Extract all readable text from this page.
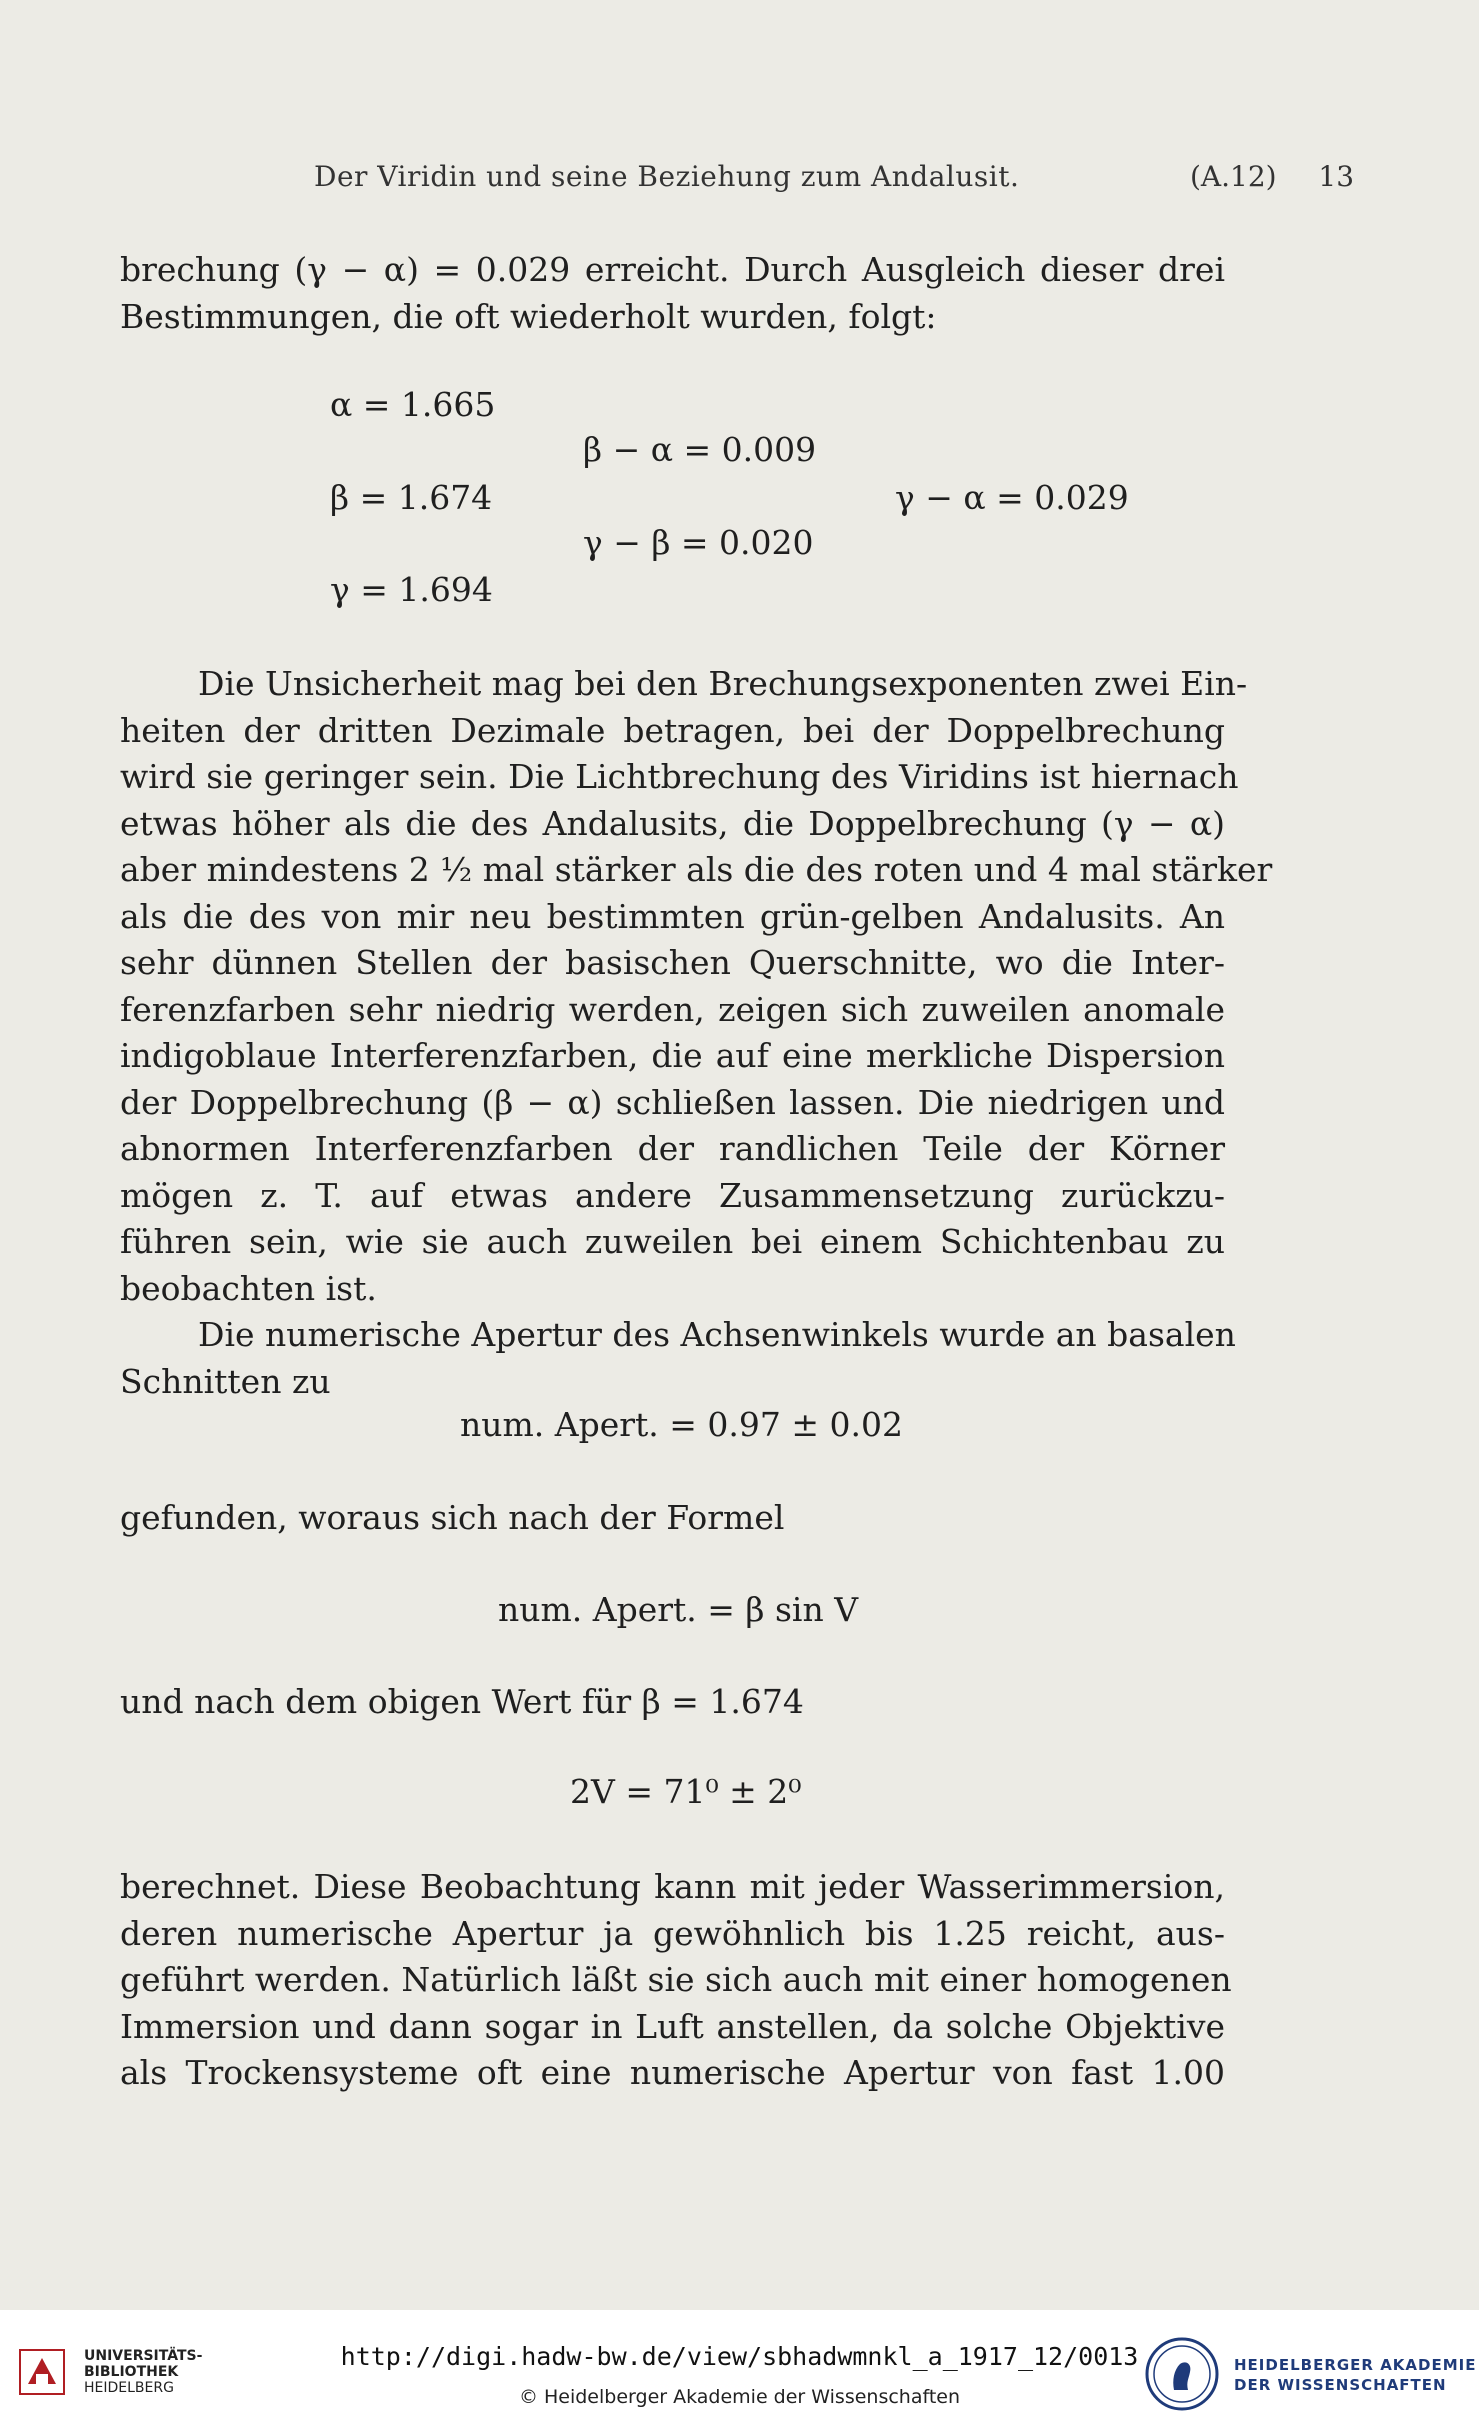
Der Viridin und seine Beziehung zum Andalusit.	(A.12) 13
brechung (γ − α) = 0.029 erreicht. Durch Ausgleich dieser drei
Bestimmungen, die oft wiederholt wurden, folgt:
α = 1.665
β − α = 0.009
β = 1.674	γ − α = 0.029
γ − β = 0.020
γ = 1.694
Die Unsicherheit mag bei den Brechungsexponenten zwei Ein-
heiten der dritten Dezimale betragen, bei der Doppelbrechung
wird sie geringer sein. Die Lichtbrechung des Viridins ist hiernach
etwas höher als die des Andalusits, die Doppelbrechung (γ − α)
aber mindestens 2 ½ mal stärker als die des roten und 4 mal stärker
als die des von mir neu bestimmten grün-gelben Andalusits. An
sehr dünnen Stellen der basischen Querschnitte, wo die Inter-
ferenzfarben sehr niedrig werden, zeigen sich zuweilen anomale
indigoblaue Interferenzfarben, die auf eine merkliche Dispersion
der Doppelbrechung (β − α) schließen lassen. Die niedrigen und
abnormen Interferenzfarben der randlichen Teile der Körner
mögen z. T. auf etwas andere Zusammensetzung zurückzu-
führen sein, wie sie auch zuweilen bei einem Schichtenbau zu
beobachten ist.
Die numerische Apertur des Achsenwinkels wurde an basalen
Schnitten zu
num. Apert. = 0.97 ± 0.02
gefunden, woraus sich nach der Formel
num. Apert. = β sin V
und nach dem obigen Wert für β = 1.674
2V = 71⁰ ± 2⁰
berechnet. Diese Beobachtung kann mit jeder Wasserimmersion,
deren numerische Apertur ja gewöhnlich bis 1.25 reicht, aus-
geführt werden. Natürlich läßt sie sich auch mit einer homogenen
Immersion und dann sogar in Luft anstellen, da solche Objektive
als Trockensysteme oft eine numerische Apertur von fast 1.00
UNIVERSITÄTS-
BIBLIOTHEK
HEIDELBERG
http://digi.hadw-bw.de/view/sbhadwmnkl_a_1917_12/0013
© Heidelberger Akademie der Wissenschaften
HEIDELBERGER AKADEMIE
DER WISSENSCHAFTEN
